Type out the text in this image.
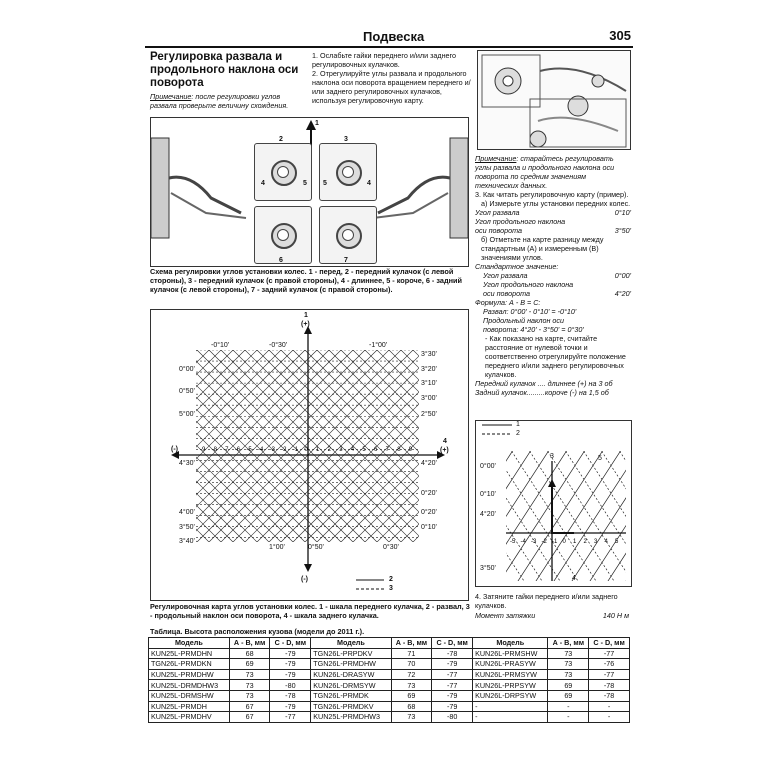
Подвеска	305
Регулировка развала и продольного наклона оси поворота
Примечание: после регулировки углов развала проверьте величину схождения.
1. Ослабьте гайки переднего и/или заднего регулировочных кулачков.
2. Отрегулируйте углы развала и продольного наклона оси поворота вращением переднего и/или заднего регулировочных кулачков, используя регулировочную карту.
1
2	3
4	5 5	4
6	7
Схема регулировки углов установки колес. 1 - перед, 2 - передний кулачок (с левой стороны), 3 - передний кулачок (с правой стороны), 4 - длиннее, 5 - короче, 6 - задний кулачок (с левой стороны), 7 - задний кулачок (с правой стороны).
-9 -8 -7 -6 -5 -4 -3 -2 -1 0 1 2 3 4 5 6 7 8 9
-0°10'	-0°30'	-1°00'
0°00'
0°50'
5°00'
4°30'
4°00'
3°50'
3°40'
3°30'
3°20'
3°10'
3°00'
2°50'
4°20'
0°20'
0°20'
0°10'
1°00'	0°50'	0°30'
1
(+)
(-)
(-)
4
(+)
2
3
Регулировочная карта углов установки колес. 1 - шкала переднего кулачка, 2 - развал, 3 - продольный наклон оси поворота, 4 - шкала заднего кулачка.
Примечание: старайтесь регулировать углы развала и продольного наклона оси поворота по средним значениям технических данных.
3. Как читать регулировочную карту (пример).
а) Измерьте углы установки передних колес.
Угол развала	0°10'
Угол продольного наклона
оси поворота	3°50'
б) Отметьте на карте разницу между стандартным (А) и измеренным (В) значениями углов.
Стандартное значение:
Угол развала	0°00'
Угол продольного наклона
оси поворота	4°20'
Формула: А - В = С:
Развал: 0°00' - 0°10' = -0°10'
Продольный наклон оси
поворота: 4°20' - 3°50' = 0°30'
- Как показано на карте, считайте расстояние от нулевой точки и соответственно отрегулируйте положение переднего и/или заднего регулировочных кулачков.
Передний кулачок .... длиннее (+) на 3 об
Задний кулачок.........короче (-) на 1,5 об
-5 -4 -3 -2 -1 0 1 2 3 4 5
1
2
3
0°00'
0°10'
4°20'
3°50'
4
5
4. Затяните гайки переднего и/или заднего кулачков.
Момент затяжки	140 Н м
Таблица. Высота расположения кузова (модели до 2011 г.).
Модель	А - В, мм	С - D, мм	Модель	А - В, мм	С - D, мм	Модель	А - В, мм	С - D, мм
KUN25L-PRMDHN	68	-79	TGN26L-PRPDKV	71	-78	KUN26L-PRMSHW	73	-77
TGN26L-PRMDKN	69	-79	TGN26L-PRMDHW	70	-79	KUN26L-PRASYW	73	-76
KUN25L-PRMDHW	73	-79	KUN26L-DRASYW	72	-77	KUN26L-PRMSYW	73	-77
KUN25L-DRMDHW3	73	-80	KUN26L-DRMSYW	73	-77	KUN26L-PRPSYW	69	-78
KUN25L-DRMSHW	73	-78	TGN26L-PRMDK	69	-79	KUN26L-DRPSYW	69	-78
KUN25L-PRMDH	67	-79	TGN26L-PRMDKV	68	-79	-	-	-
KUN25L-PRMDHV	67	-77	KUN25L-PRMDHW3	73	-80	-	-	-
